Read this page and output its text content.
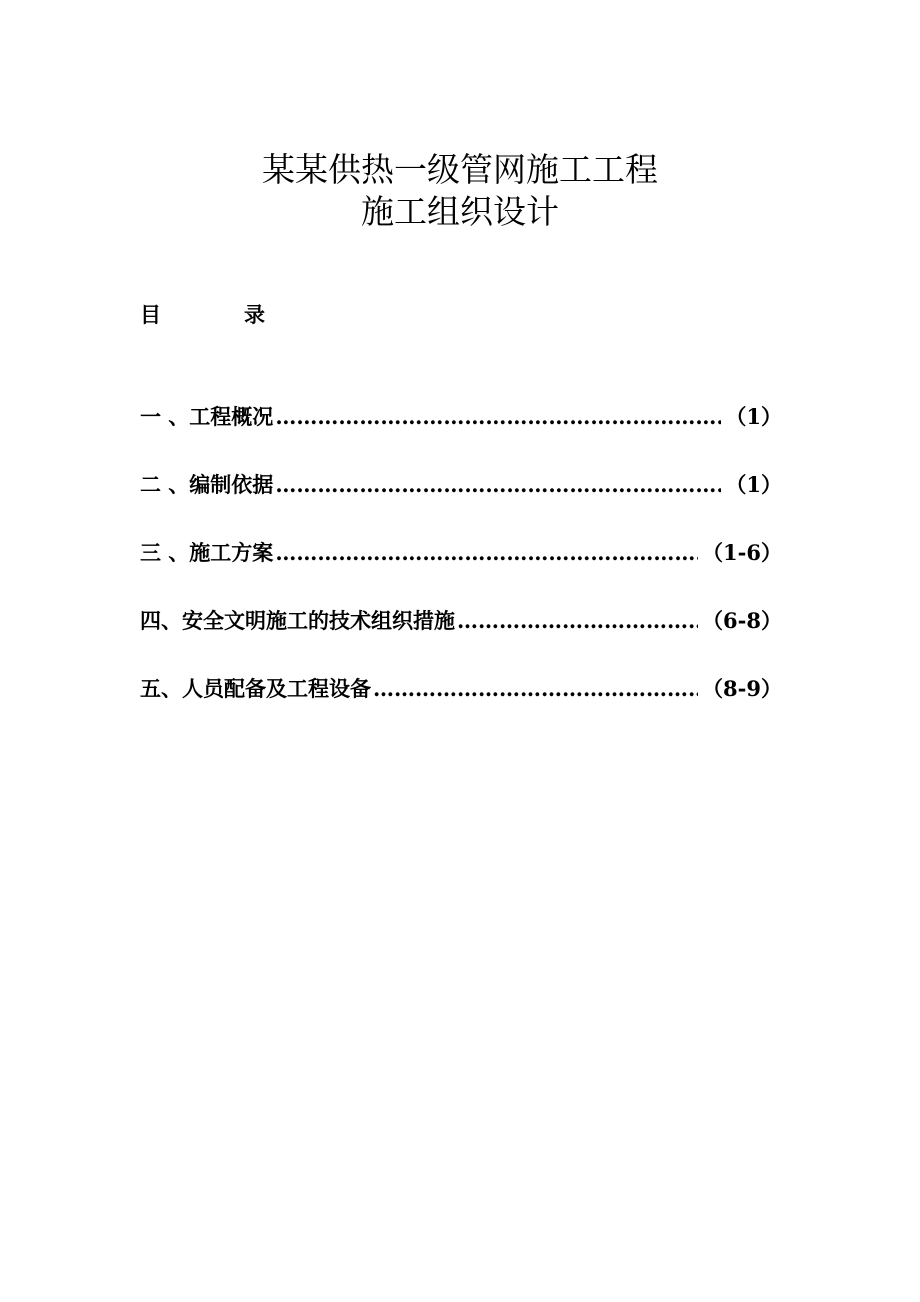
某某供热一级管网施工工程
施工组织设计
目	录
一 、工程概况 …………………………………………………………………………………………	（1）
二 、编制依据 …………………………………………………………………………………………	（1）
三 、施工方案 …………………………………………………………………………………………	（1-6）
四、安全文明施工的技术组织措施 …………………………………………………………………………………………	（6-8）
五、人员配备及工程设备 …………………………………………………………………………………………	（8-9）
